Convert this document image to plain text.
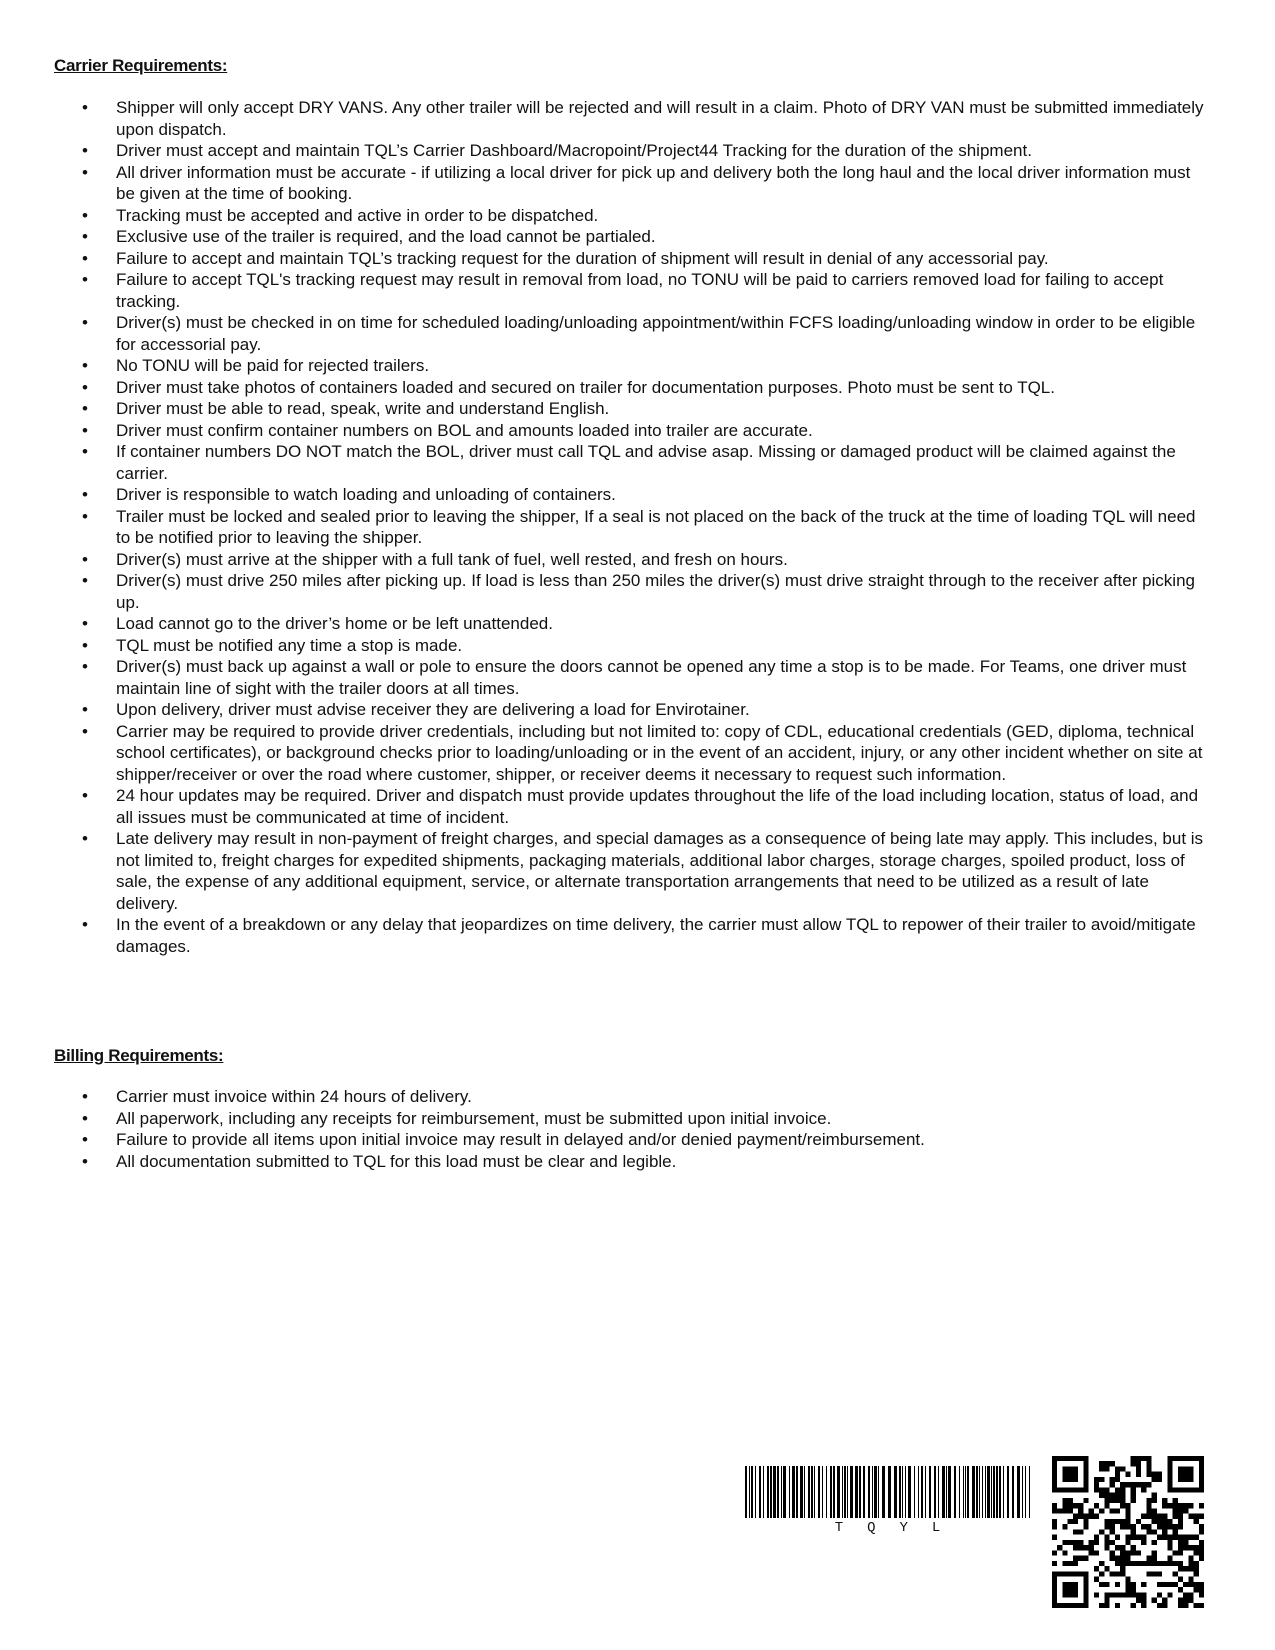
Carrier Requirements:
• Shipper will only accept DRY VANS. Any other trailer will be rejected and will result in a claim. Photo of DRY VAN must be submitted immediately upon dispatch.
• Driver must accept and maintain TQL’s Carrier Dashboard/Macropoint/Project44 Tracking for the duration of the shipment.
• All driver information must be accurate - if utilizing a local driver for pick up and delivery both the long haul and the local driver information must be given at the time of booking.
• Tracking must be accepted and active in order to be dispatched.
• Exclusive use of the trailer is required, and the load cannot be partialed.
• Failure to accept and maintain TQL’s tracking request for the duration of shipment will result in denial of any accessorial pay.
• Failure to accept TQL's tracking request may result in removal from load, no TONU will be paid to carriers removed load for failing to accept tracking.
• Driver(s) must be checked in on time for scheduled loading/unloading appointment/within FCFS loading/unloading window in order to be eligible for accessorial pay.
• No TONU will be paid for rejected trailers.
• Driver must take photos of containers loaded and secured on trailer for documentation purposes. Photo must be sent to TQL.
• Driver must be able to read, speak, write and understand English.
• Driver must confirm container numbers on BOL and amounts loaded into trailer are accurate.
• If container numbers DO NOT match the BOL, driver must call TQL and advise asap. Missing or damaged product will be claimed against the carrier.
• Driver is responsible to watch loading and unloading of containers.
• Trailer must be locked and sealed prior to leaving the shipper, If a seal is not placed on the back of the truck at the time of loading TQL will need to be notified prior to leaving the shipper.
• Driver(s) must arrive at the shipper with a full tank of fuel, well rested, and fresh on hours.
• Driver(s) must drive 250 miles after picking up. If load is less than 250 miles the driver(s) must drive straight through to the receiver after picking up.
• Load cannot go to the driver’s home or be left unattended.
• TQL must be notified any time a stop is made.
• Driver(s) must back up against a wall or pole to ensure the doors cannot be opened any time a stop is to be made. For Teams, one driver must maintain line of sight with the trailer doors at all times.
• Upon delivery, driver must advise receiver they are delivering a load for Envirotainer.
• Carrier may be required to provide driver credentials, including but not limited to: copy of CDL, educational credentials (GED, diploma, technical school certificates), or background checks prior to loading/unloading or in the event of an accident, injury, or any other incident whether on site at shipper/receiver or over the road where customer, shipper, or receiver deems it necessary to request such information.
• 24 hour updates may be required. Driver and dispatch must provide updates throughout the life of the load including location, status of load, and all issues must be communicated at time of incident.
• Late delivery may result in non-payment of freight charges, and special damages as a consequence of being late may apply. This includes, but is not limited to, freight charges for expedited shipments, packaging materials, additional labor charges, storage charges, spoiled product, loss of sale, the expense of any additional equipment, service, or alternate transportation arrangements that need to be utilized as a result of late delivery.
• In the event of a breakdown or any delay that jeopardizes on time delivery, the carrier must allow TQL to repower of their trailer to avoid/mitigate damages.
Billing Requirements:
• Carrier must invoice within 24 hours of delivery.
• All paperwork, including any receipts for reimbursement, must be submitted upon initial invoice.
• Failure to provide all items upon initial invoice may result in delayed and/or denied payment/reimbursement.
• All documentation submitted to TQL for this load must be clear and legible.
TQYL
